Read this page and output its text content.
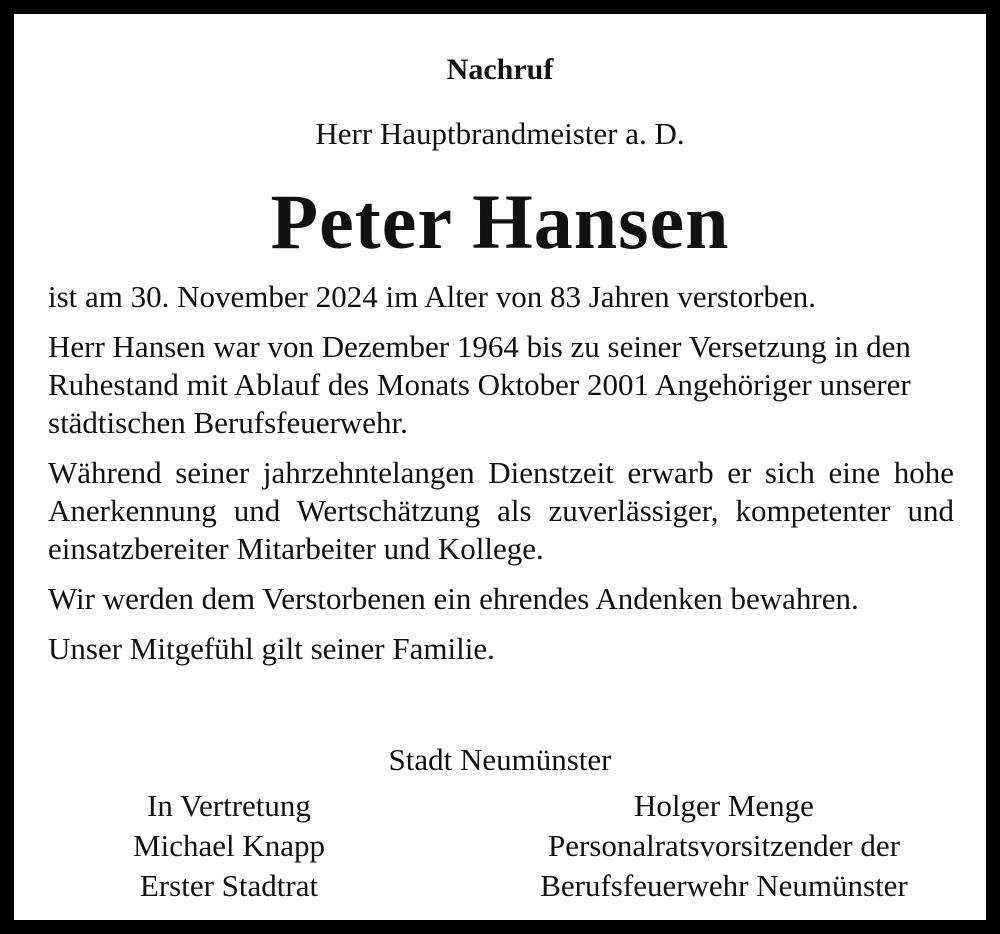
Nachruf
Herr Hauptbrandmeister a. D.
Peter Hansen

ist am 30. November 2024 im Alter von 83 Jahren verstorben.

Herr Hansen war von Dezember 1964 bis zu seiner Versetzung in den Ruhestand mit Ablauf des Monats Oktober 2001 Angehöriger unserer städtischen Berufsfeuerwehr.

Während seiner jahrzehntelangen Dienstzeit erwarb er sich eine hohe Anerkennung und Wertschätzung als zuverlässiger, kompetenter und einsatzbereiter Mitarbeiter und Kollege.

Wir werden dem Verstorbenen ein ehrendes Andenken bewahren.

Unser Mitgefühl gilt seiner Familie.

Stadt Neumünster
In Vertretung
Michael Knapp
Erster Stadtrat
Holger Menge
Personalratsvorsitzender der
Berufsfeuerwehr Neumünster
